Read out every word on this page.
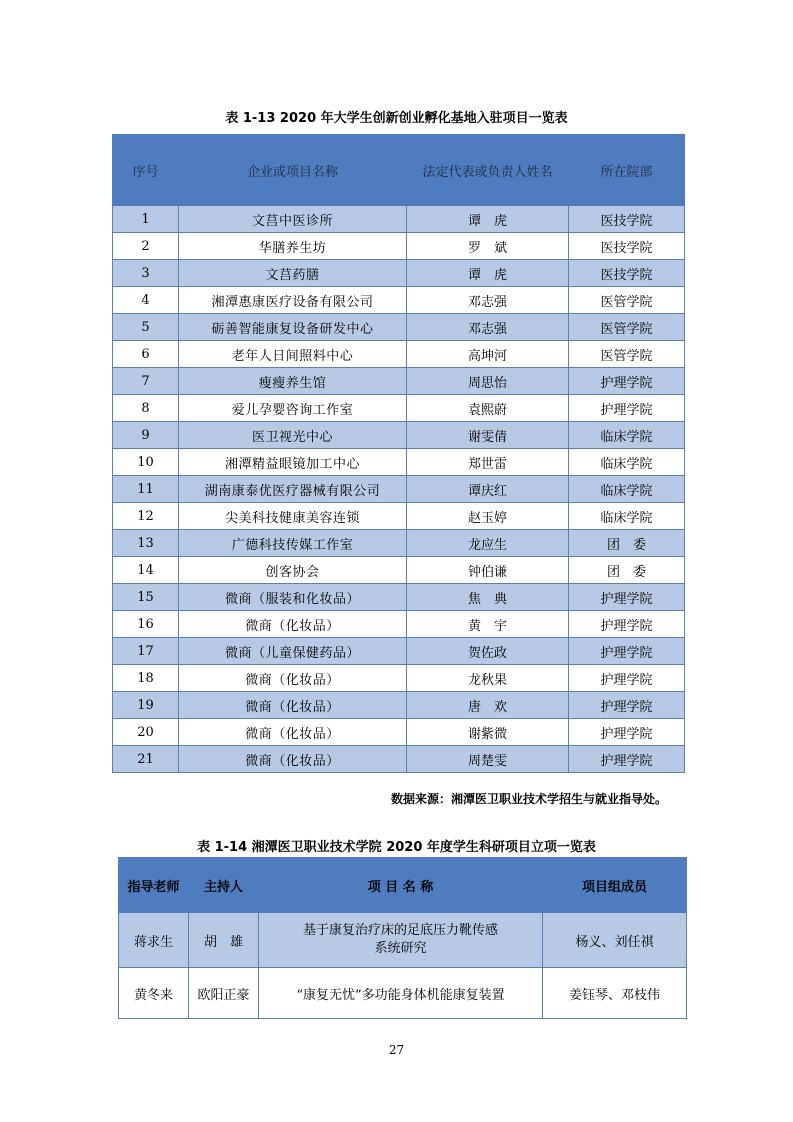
表 1-13 2020 年大学生创新创业孵化基地入驻项目一览表
序号	企业或项目名称	法定代表或负责人姓名	所在院部
1	文莒中医诊所	谭　虎	医技学院
2	华膳养生坊	罗　斌	医技学院
3	文莒药膳	谭　虎	医技学院
4	湘潭惠康医疗设备有限公司	邓志强	医管学院
5	砺善智能康复设备研发中心	邓志强	医管学院
6	老年人日间照料中心	高坤河	医管学院
7	瘦瘦养生馆	周思怡	护理学院
8	爱儿孕婴咨询工作室	袁熙蔚	护理学院
9	医卫视光中心	谢雯倩	临床学院
10	湘潭精益眼镜加工中心	郑世雷	临床学院
11	湖南康泰优医疗器械有限公司	谭庆红	临床学院
12	尖美科技健康美容连锁	赵玉婷	临床学院
13	广德科技传媒工作室	龙应生	团　委
14	创客协会	钟伯谦	团　委
15	微商（服装和化妆品）	焦　典	护理学院
16	微商（化妆品）	黄　宇	护理学院
17	微商（儿童保健药品）	贺佐政	护理学院
18	微商（化妆品）	龙秋果	护理学院
19	微商（化妆品）	唐　欢	护理学院
20	微商（化妆品）	谢紫微	护理学院
21	微商（化妆品）	周楚雯	护理学院
数据来源：湘潭医卫职业技术学招生与就业指导处。
表 1-14 湘潭医卫职业技术学院 2020 年度学生科研项目立项一览表
指导老师	主持人	项 目 名 称	项目组成员
蒋求生	胡　雄	基于康复治疗床的足底压力靴传感系统研究	杨义、刘任祺
黄冬来	欧阳正豪	“康复无忧”多功能身体机能康复装置	姜钰琴、邓枝伟
27
